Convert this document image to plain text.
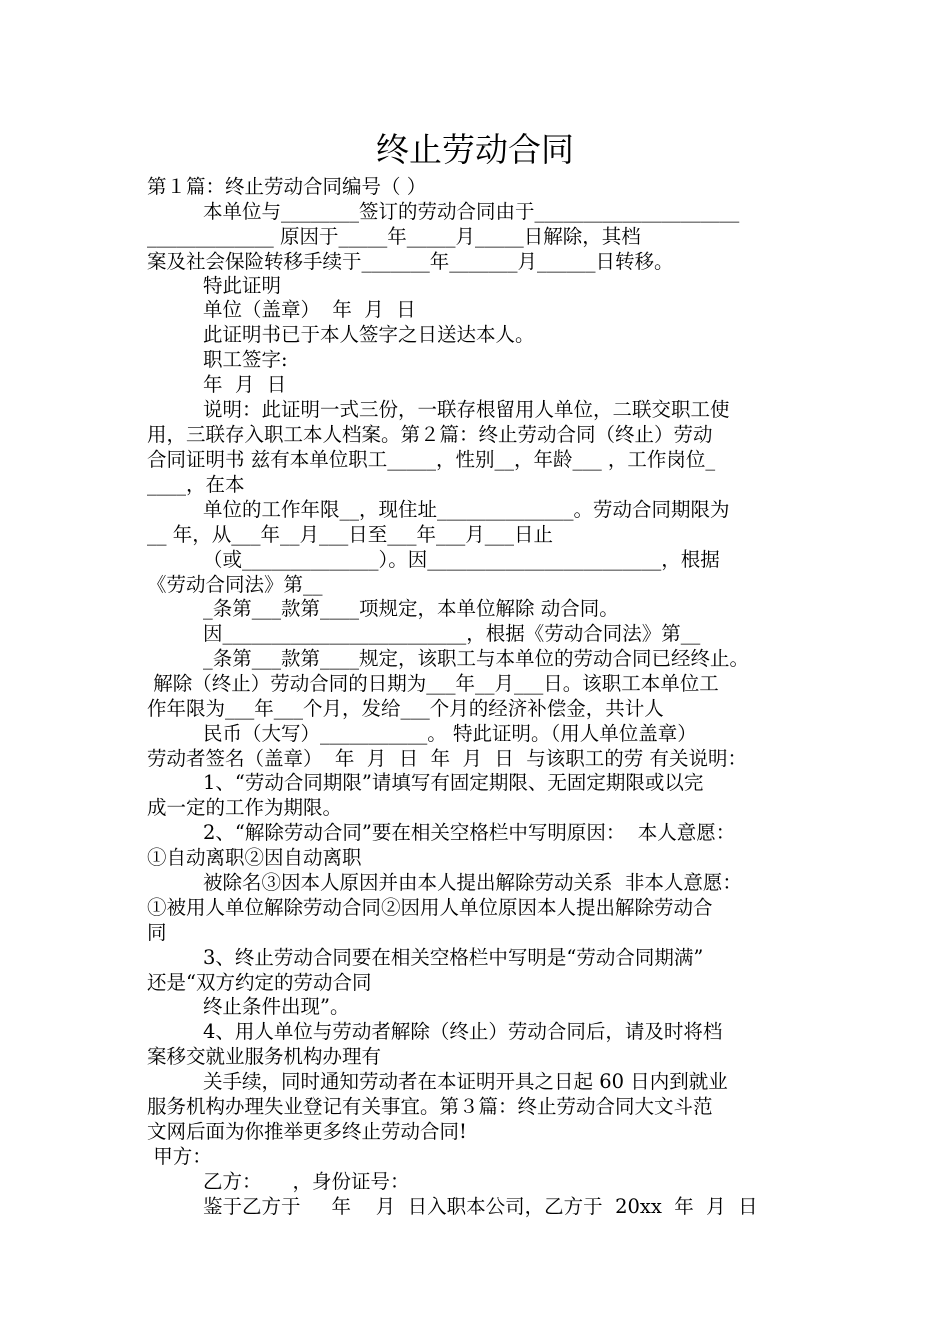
终止劳动合同
第１篇：终止劳动合同编号（ ）
本单位与________签订的劳动合同由于_____________________
_____________ 原因于_____年_____月_____日解除，其档
案及社会保险转移手续于_______年_______月______日转移。
特此证明
单位（盖章）  年  月  日
此证明书已于本人签字之日送达本人。
职工签字:
年  月  日
说明：此证明一式三份，一联存根留用人单位，二联交职工使
用，三联存入职工本人档案。第２篇：终止劳动合同（终止）劳动
合同证明书 兹有本单位职工_____，性别__，年龄___ ，工作岗位_
____，在本
单位的工作年限__，现住址______________。劳动合同期限为
__ 年，从___年__月___日至___年___月___日止
（或______________）。因________________________，根据
《劳动合同法》第__
_条第___款第____项规定，本单位解除 动合同。
因_________________________，根据《劳动合同法》第__
_条第___款第____规定，该职工与本单位的劳动合同已经终止。
解除（终止）劳动合同的日期为___年__月___日。该职工本单位工
作年限为___年___个月，发给___个月的经济补偿金，共计人
民币（大写）___________。 特此证明。（用人单位盖章）
劳动者签名（盖章）  年  月  日  年  月  日  与该职工的劳 有关说明：
1、“劳动合同期限”请填写有固定期限、无固定期限或以完
成一定的工作为期限。
2、“解除劳动合同”要在相关空格栏中写明原因：  本人意愿：
①自动离职②因自动离职
被除名③因本人原因并由本人提出解除劳动关系  非本人意愿：
①被用人单位解除劳动合同②因用人单位原因本人提出解除劳动合
同
3、终止劳动合同要在相关空格栏中写明是“劳动合同期满”
还是“双方约定的劳动合同
终止条件出现”。
4、用人单位与劳动者解除（终止）劳动合同后，请及时将档
案移交就业服务机构办理有
关手续，同时通知劳动者在本证明开具之日起 60 日内到就业
服务机构办理失业登记有关事宜。第３篇：终止劳动合同大文斗范
文网后面为你推举更多终止劳动合同!
甲方：
乙方：     ，身份证号：
鉴于乙方于     年    月  日入职本公司，乙方于  20xx  年  月  日
